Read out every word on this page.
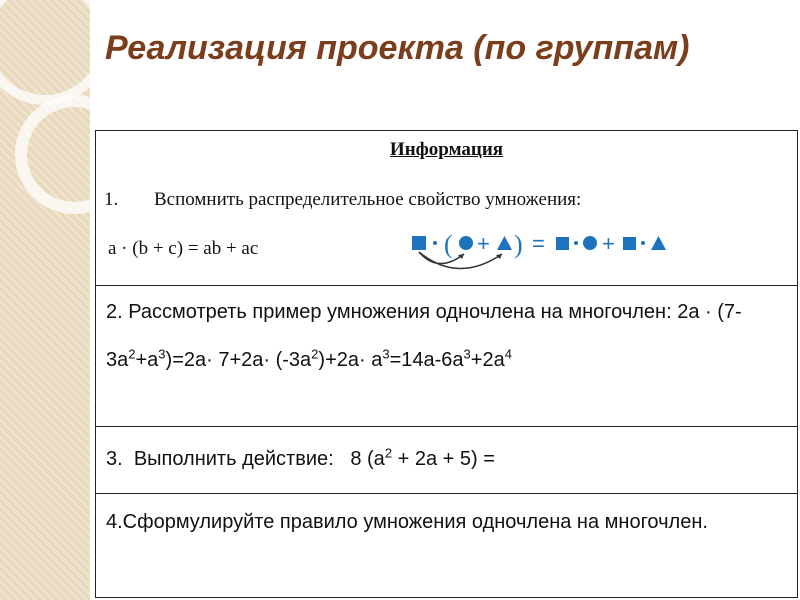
Реализация проекта (по группам)
Информация
1. Вспомнить распределительное свойство умножения:
a · (b + c) = ab + ac	( + ) =	+
2. Рассмотреть пример умножения одночлена на многочлен: $2a \cdot (7-3a^2+a^3)=2a\cdot 7+2a\cdot (-3a^2)+2a\cdot a^3=14a-6a^3+2a^4$
3. Выполнить действие: 8 $(a^2 + 2a + 5)$ =
4.Сформулируйте правило умножения одночлена на многочлен.
